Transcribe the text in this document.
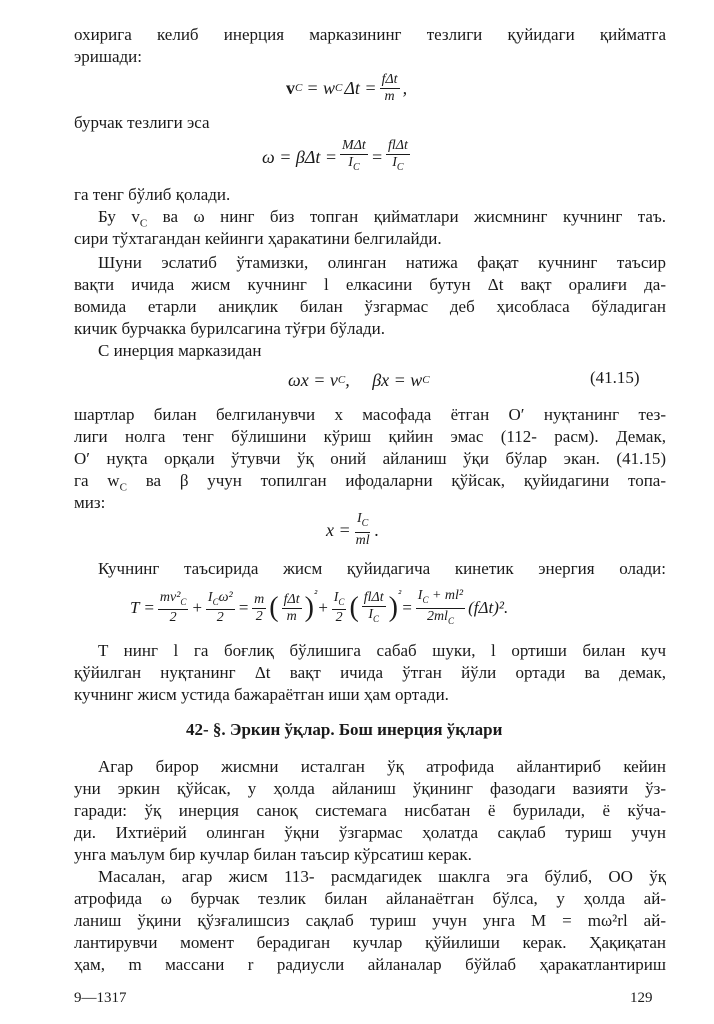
охирига келиб инерция марказининг тезлиги қуйидаги қийматга
эришади:
v C = w C $\Delta t = \frac{\text{fΔt}}{m}$ ,
бурчак тезлиги эса
$\omega = \beta\Delta t = \frac{\text{MΔt}}{I_C} = \frac{\text{flΔt}}{I_C}$
га тенг бўлиб қолади.
Бу $v_C$ ва ω нинг биз топган қийматлари жисмнинг кучнинг таъ.
сири тўхтагандан кейинги ҳаракатини белгилайди.
Шуни эслатиб ўтамизки, олинган натижа фақат кучнинг таъсир
вақти ичида жисм кучнинг l елкасини бутун Δt вақт оралиғи да-
вомида етарли аниқлик билан ўзгармас деб ҳисобласа бўладиган
кичик бурчакка бурилсагина тўғри бўлади.
C инерция марказидан
ωx = v C ,     βx = w C	(41.15)
шартлар билан белгиланувчи x масофада ётган O′ нуқтанинг тез-
лиги нолга тенг бўлишини кўриш қийин эмас (112- расм). Демак,
O′ нуқта орқали ўтувчи ўқ оний айланиш ўқи бўлар экан. (41.15)
га $w_C$ ва β учун топилган ифодаларни қўйсак, қуйидагини топа-
миз:
$x = \frac{I_C}{ml}$ .
Кучнинг таъсирида жисм қуйидагича кинетик энергия олади:
$T = \frac{mv^2_C}{2} + \frac{I_C\omega^2}{2} = \frac{m}{2}$ ( $\frac{\text{fΔt}}{m} )^{^2}$
+ $\frac{I_C}{2}$ ( $\frac{\text{flΔt}}{I_C} )^{^2}$
= $\frac{I_C + ml^2}{2ml_C} (f\Delta t)^2$.
T нинг l га боғлиқ бўлишига сабаб шуки, l ортиши билан куч
қўйилган нуқтанинг Δt вақт ичида ўтган йўли ортади ва демак,
кучнинг жисм устида бажараётган иши ҳам ортади.
42- §. Эркин ўқлар. Бош инерция ўқлари
Агар бирор жисмни исталган ўқ атрофида айлантириб кейин
уни эркин қўйсак, у ҳолда айланиш ўқининг фазодаги вазияти ўз-
гаради: ўқ инерция саноқ системага нисбатан ё бурилади, ё кўча-
ди. Ихтиёрий олинган ўқни ўзгармас ҳолатда сақлаб туриш учун
унга маълум бир кучлар билан таъсир кўрсатиш керак.
Масалан, агар жисм 113- расмдагидек шаклга эга бўлиб, OO ўқ
атрофида ω бурчак тезлик билан айланаётган бўлса, у ҳолда ай-
ланиш ўқини қўзғалишсиз сақлаб туриш учун унга M = mω²rl ай-
лантирувчи момент берадиган кучлар қўйилиши керак. Ҳақиқатан
ҳам, m массани r радиусли айланалар бўйлаб ҳаракатлантириш
9—1317	129
